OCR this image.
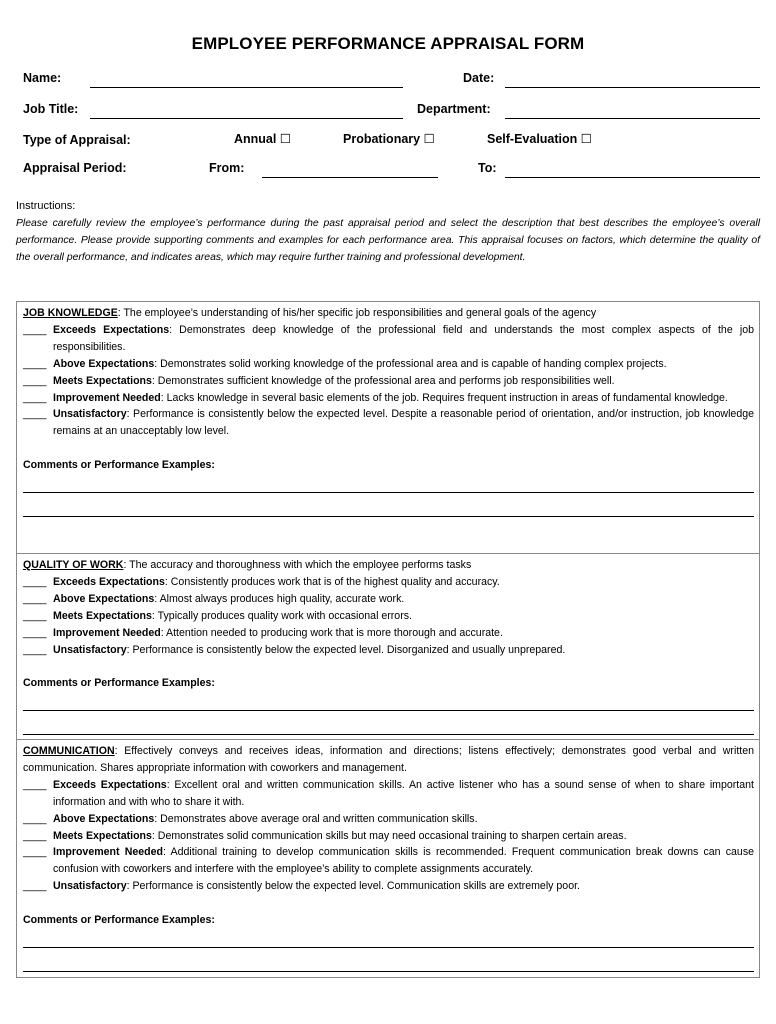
EMPLOYEE PERFORMANCE APPRAISAL FORM
Name:	Date:
Job Title:	Department:
Type of Appraisal:	Annual ☐	Probationary ☐	Self-Evaluation ☐
Appraisal Period:	From:	To:
Instructions:
Please carefully review the employee’s performance during the past appraisal period and select the description that best describes the employee’s overall performance. Please provide supporting comments and examples for each performance area. This appraisal focuses on factors, which determine the quality of the overall performance, and indicates areas, which may require further training and professional development.
JOB KNOWLEDGE: The employee’s understanding of his/her specific job responsibilities and general goals of the agency
____ Exceeds Expectations: Demonstrates deep knowledge of the professional field and understands the most complex aspects of the job responsibilities.
____ Above Expectations: Demonstrates solid working knowledge of the professional area and is capable of handing complex projects.
____ Meets Expectations: Demonstrates sufficient knowledge of the professional area and performs job responsibilities well.
____ Improvement Needed: Lacks knowledge in several basic elements of the job. Requires frequent instruction in areas of fundamental knowledge.
____ Unsatisfactory: Performance is consistently below the expected level. Despite a reasonable period of orientation, and/or instruction, job knowledge remains at an unacceptably low level.
Comments or Performance Examples:
QUALITY OF WORK: The accuracy and thoroughness with which the employee performs tasks
____ Exceeds Expectations: Consistently produces work that is of the highest quality and accuracy.
____ Above Expectations: Almost always produces high quality, accurate work.
____ Meets Expectations: Typically produces quality work with occasional errors.
____ Improvement Needed: Attention needed to producing work that is more thorough and accurate.
____ Unsatisfactory: Performance is consistently below the expected level. Disorganized and usually unprepared.
Comments or Performance Examples:
COMMUNICATION: Effectively conveys and receives ideas, information and directions; listens effectively; demonstrates good verbal and written communication. Shares appropriate information with coworkers and management.
____ Exceeds Expectations: Excellent oral and written communication skills. An active listener who has a sound sense of when to share important information and with who to share it with.
____ Above Expectations: Demonstrates above average oral and written communication skills.
____ Meets Expectations: Demonstrates solid communication skills but may need occasional training to sharpen certain areas.
____ Improvement Needed: Additional training to develop communication skills is recommended. Frequent communication break downs can cause confusion with coworkers and interfere with the employee’s ability to complete assignments accurately.
____ Unsatisfactory: Performance is consistently below the expected level. Communication skills are extremely poor.
Comments or Performance Examples:
